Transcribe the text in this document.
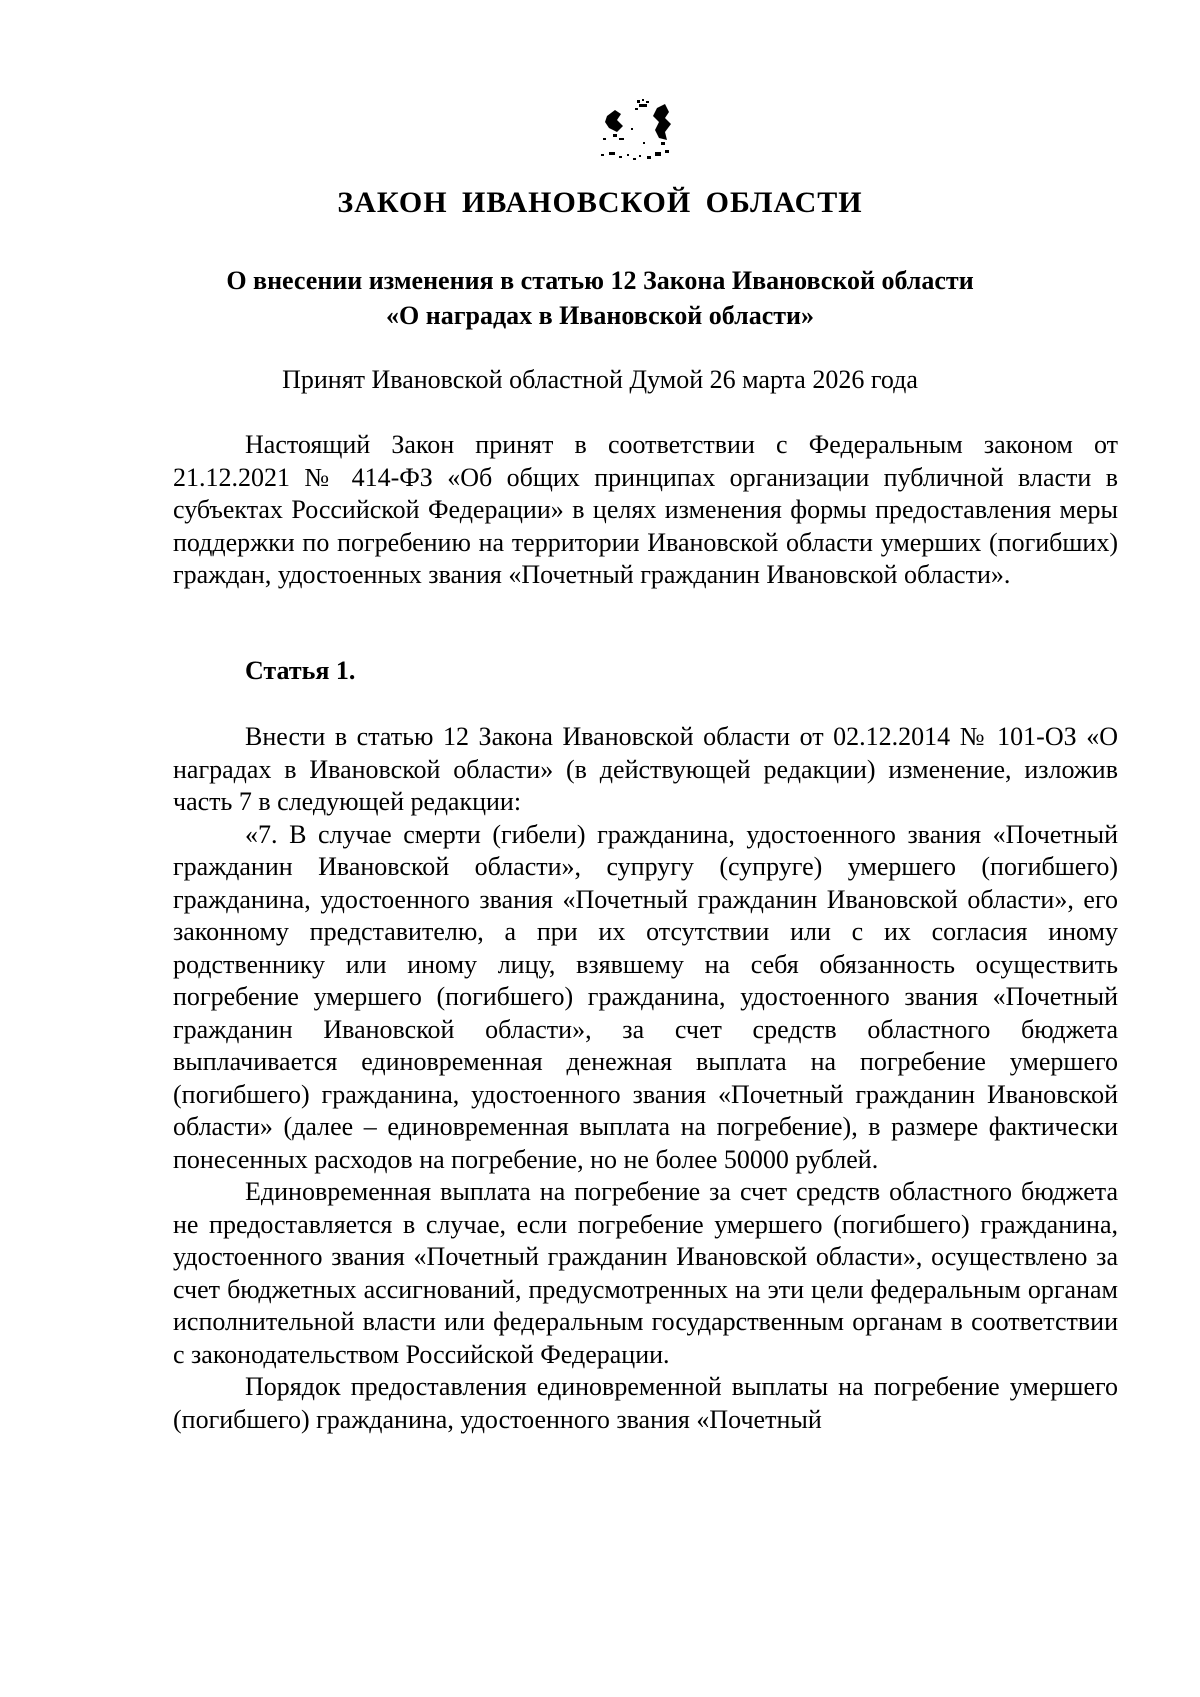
ЗАКОН ИВАНОВСКОЙ ОБЛАСТИ
О внесении изменения в статью 12 Закона Ивановской области
«О наградах в Ивановской области»
Принят Ивановской областной Думой 26 марта 2026 года

Настоящий Закон принят в соответствии с Федеральным законом от 21.12.2021 № 414-ФЗ «Об общих принципах организации публичной власти в субъектах Российской Федерации» в целях изменения формы предоставления меры поддержки по погребению на территории Ивановской области умерших (погибших) граждан, удостоенных звания «Почетный гражданин Ивановской области».

Статья 1.

Внести в статью 12 Закона Ивановской области от 02.12.2014 № 101-ОЗ «О наградах в Ивановской области» (в действующей редакции) изменение, изложив часть 7 в следующей редакции:

«7. В случае смерти (гибели) гражданина, удостоенного звания «Почетный гражданин Ивановской области», супругу (супруге) умершего (погибшего) гражданина, удостоенного звания «Почетный гражданин Ивановской области», его законному представителю, а при их отсутствии или с их согласия иному родственнику или иному лицу, взявшему на себя обязанность осуществить погребение умершего (погибшего) гражданина, удостоенного звания «Почетный гражданин Ивановской области», за счет средств областного бюджета выплачивается единовременная денежная выплата на погребение умершего (погибшего) гражданина, удостоенного звания «Почетный гражданин Ивановской области» (далее – единовременная выплата на погребение), в размере фактически понесенных расходов на погребение, но не более 50000 рублей.

Единовременная выплата на погребение за счет средств областного бюджета не предоставляется в случае, если погребение умершего (погибшего) гражданина, удостоенного звания «Почетный гражданин Ивановской области», осуществлено за счет бюджетных ассигнований, предусмотренных на эти цели федеральным органам исполнительной власти или федеральным государственным органам в соответствии с законодательством Российской Федерации.

Порядок предоставления единовременной выплаты на погребение умершего (погибшего) гражданина, удостоенного звания «Почетный
